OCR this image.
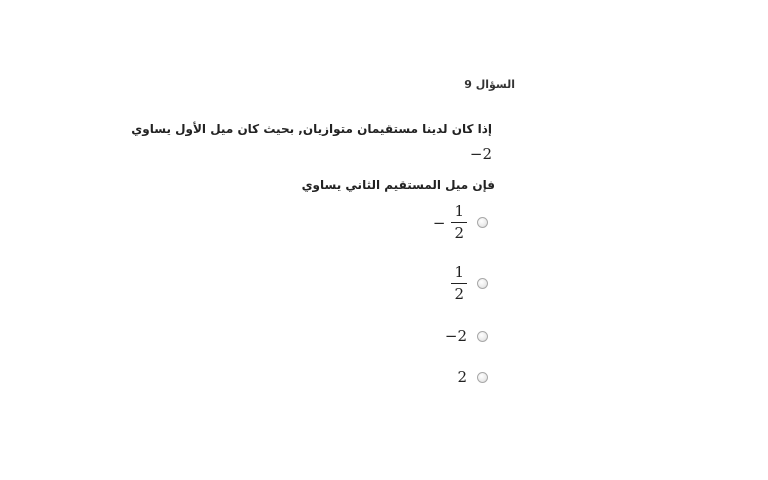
السؤال 9
إذا كان لدينا مستقيمان متوازيان, بحيث كان ميل الأول يساوي
−2
فإن ميل المستقيم الثاني يساوي
− $\frac{1}{2}$
$\frac{1}{2}$
−2
2
